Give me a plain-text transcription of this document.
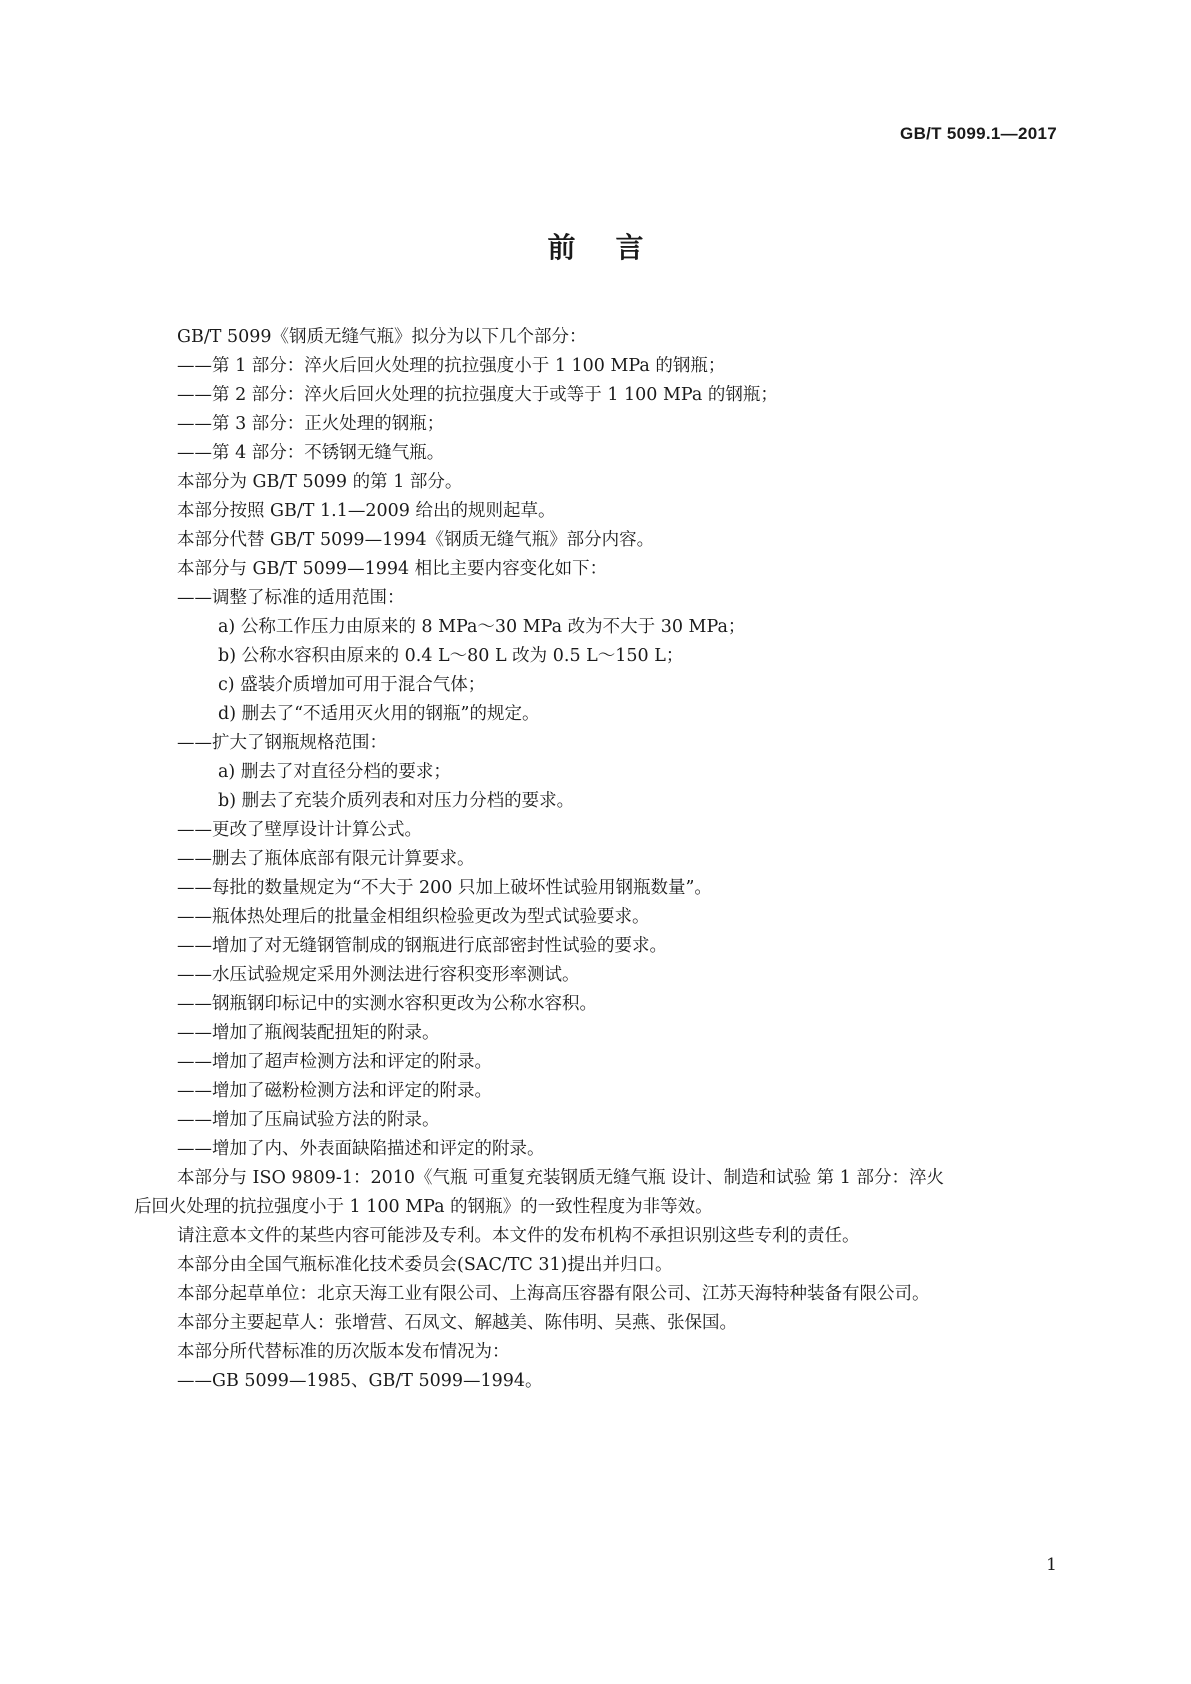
GB/T 5099.1—2017
前言
GB/T 5099《钢质无缝气瓶》拟分为以下几个部分：
——第 1 部分：淬火后回火处理的抗拉强度小于 1 100 MPa 的钢瓶；
——第 2 部分：淬火后回火处理的抗拉强度大于或等于 1 100 MPa 的钢瓶；
——第 3 部分：正火处理的钢瓶；
——第 4 部分：不锈钢无缝气瓶。
本部分为 GB/T 5099 的第 1 部分。
本部分按照 GB/T 1.1—2009 给出的规则起草。
本部分代替 GB/T 5099—1994《钢质无缝气瓶》部分内容。
本部分与 GB/T 5099—1994 相比主要内容变化如下：
——调整了标准的适用范围：
a) 公称工作压力由原来的 8 MPa～30 MPa 改为不大于 30 MPa；
b) 公称水容积由原来的 0.4 L～80 L 改为 0.5 L～150 L；
c) 盛装介质增加可用于混合气体；
d) 删去了“不适用灭火用的钢瓶”的规定。
——扩大了钢瓶规格范围：
a) 删去了对直径分档的要求；
b) 删去了充装介质列表和对压力分档的要求。
——更改了壁厚设计计算公式。
——删去了瓶体底部有限元计算要求。
——每批的数量规定为“不大于 200 只加上破坏性试验用钢瓶数量”。
——瓶体热处理后的批量金相组织检验更改为型式试验要求。
——增加了对无缝钢管制成的钢瓶进行底部密封性试验的要求。
——水压试验规定采用外测法进行容积变形率测试。
——钢瓶钢印标记中的实测水容积更改为公称水容积。
——增加了瓶阀装配扭矩的附录。
——增加了超声检测方法和评定的附录。
——增加了磁粉检测方法和评定的附录。
——增加了压扁试验方法的附录。
——增加了内、外表面缺陷描述和评定的附录。
本部分与 ISO 9809-1：2010《气瓶 可重复充装钢质无缝气瓶 设计、制造和试验 第 1 部分：淬火
后回火处理的抗拉强度小于 1 100 MPa 的钢瓶》的一致性程度为非等效。
请注意本文件的某些内容可能涉及专利。本文件的发布机构不承担识别这些专利的责任。
本部分由全国气瓶标准化技术委员会(SAC/TC 31)提出并归口。
本部分起草单位：北京天海工业有限公司、上海高压容器有限公司、江苏天海特种装备有限公司。
本部分主要起草人：张增营、石凤文、解越美、陈伟明、吴燕、张保国。
本部分所代替标准的历次版本发布情况为：
——GB 5099—1985、GB/T 5099—1994。
1
